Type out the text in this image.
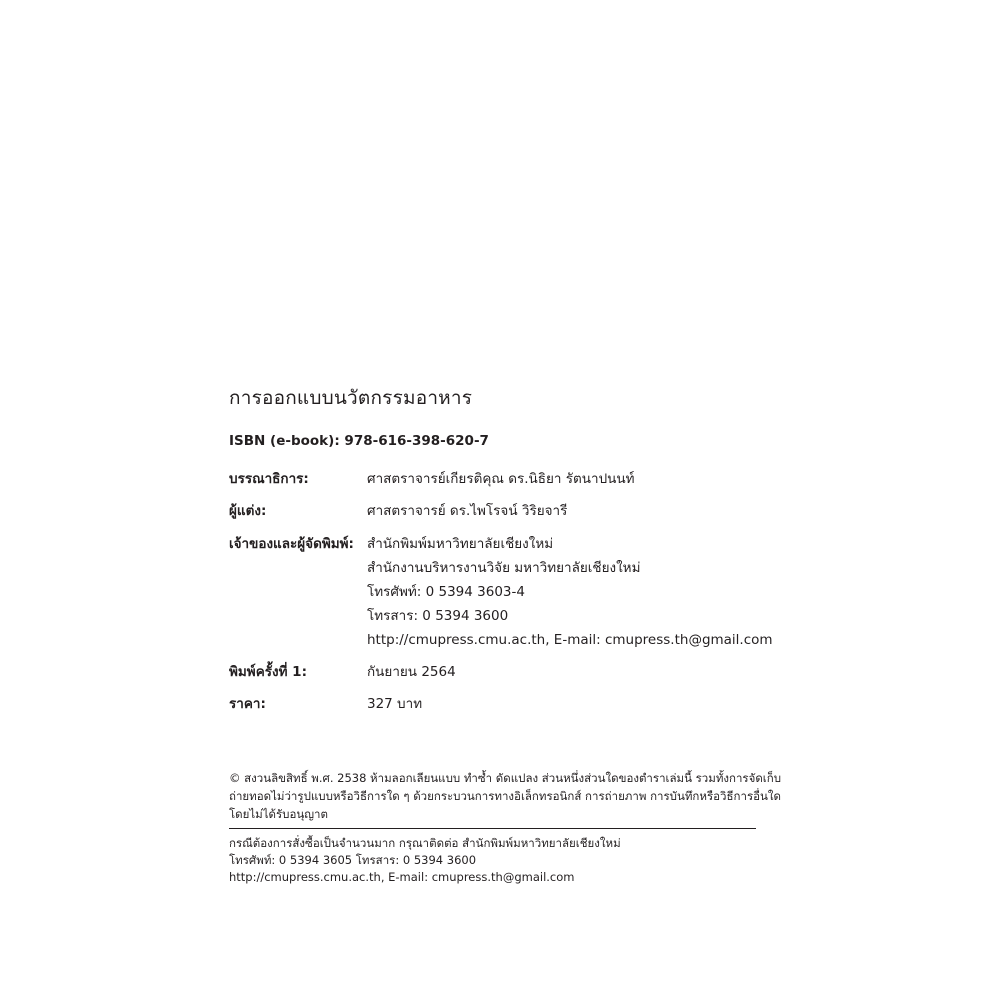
การออกแบบนวัตกรรมอาหาร
ISBN (e-book): 978-616-398-620-7
บรรณาธิการ:	ศาสตราจารย์เกียรติคุณ ดร.นิธิยา รัตนาปนนท์
ผู้แต่ง:	ศาสตราจารย์ ดร.ไพโรจน์ วิริยจารี
เจ้าของและผู้จัดพิมพ์: สำนักพิมพ์มหาวิทยาลัยเชียงใหม่
สำนักงานบริหารงานวิจัย มหาวิทยาลัยเชียงใหม่
โทรศัพท์: 0 5394 3603-4
โทรสาร: 0 5394 3600
http://cmupress.cmu.ac.th, E-mail: cmupress.th@gmail.com
พิมพ์ครั้งที่ 1:	กันยายน 2564
ราคา:	327 บาท
© สงวนลิขสิทธิ์ พ.ศ. 2538 ห้ามลอกเลียนแบบ ทำซ้ำ ดัดแปลง ส่วนหนึ่งส่วนใดของตำราเล่มนี้ รวมทั้งการจัดเก็บ
ถ่ายทอดไม่ว่ารูปแบบหรือวิธีการใด ๆ ด้วยกระบวนการทางอิเล็กทรอนิกส์ การถ่ายภาพ การบันทึกหรือวิธีการอื่นใด
โดยไม่ได้รับอนุญาต
กรณีต้องการสั่งซื้อเป็นจำนวนมาก กรุณาติดต่อ สำนักพิมพ์มหาวิทยาลัยเชียงใหม่
โทรศัพท์: 0 5394 3605 โทรสาร: 0 5394 3600
http://cmupress.cmu.ac.th, E-mail: cmupress.th@gmail.com
